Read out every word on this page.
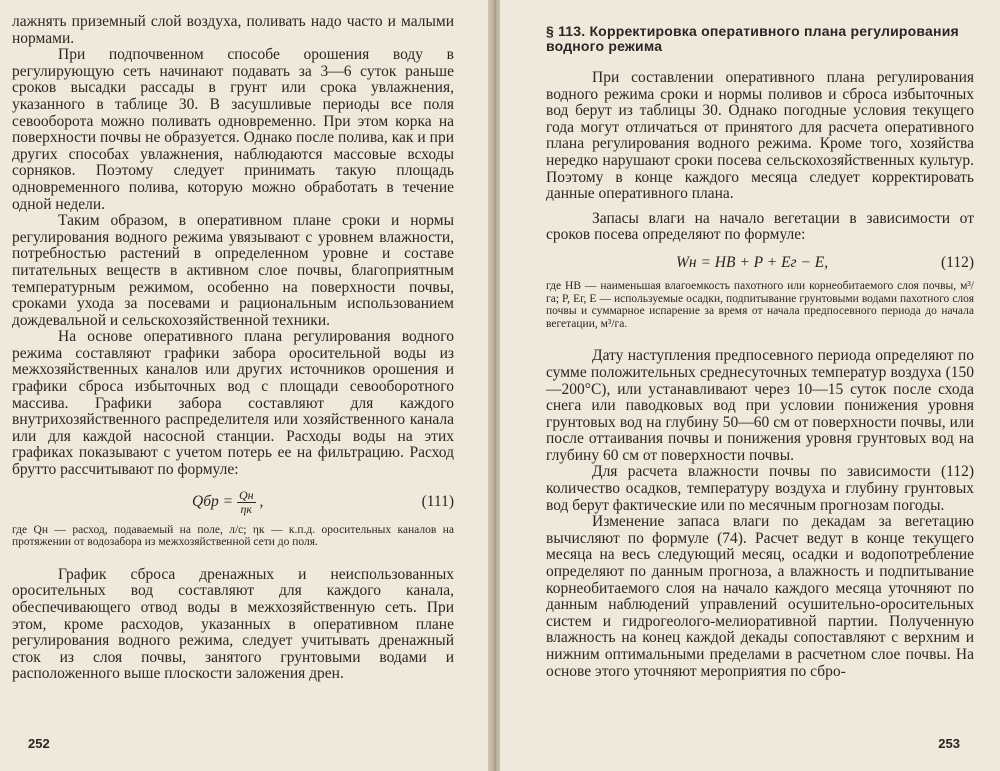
лажнять приземный слой воздуха, поливать надо часто и малыми нормами.

При подпочвенном способе орошения воду в регулирующую сеть начинают подавать за 3—6 суток раньше сроков высадки рассады в грунт или срока увлажнения, указанного в таблице 30. В засушливые периоды все поля севооборота можно поливать одновременно. При этом корка на поверхности почвы не образуется. Однако после полива, как и при других способах увлажнения, наблюдаются массовые всходы сорняков. Поэтому следует принимать такую площадь одновременного полива, которую можно обработать в течение одной недели.

Таким образом, в оперативном плане сроки и нормы регулирования водного режима увязывают с уровнем влажности, потребностью растений в определенном уровне и составе питательных веществ в активном слое почвы, благоприятным температурным режимом, особенно на поверхности почвы, сроками ухода за посевами и рациональным использованием дождевальной и сельскохозяйственной техники.

На основе оперативного плана регулирования водного режима составляют графики забора оросительной воды из межхозяйственных каналов или других источников орошения и графики сброса избыточных вод с площади севооборотного массива. Графики забора составляют для каждого внутрихозяйственного распределителя или хозяйственного канала или для каждой насосной станции. Расходы воды на этих графиках показывают с учетом потерь ее на фильтрацию. Расход брутто рассчитывают по формуле:

Qбр = $\frac{Qн}{\eta к}$ ,	(111)

где Qн — расход, подаваемый на поле, л/с; ηк — к.п.д. оросительных каналов на протяжении от водозабора из межхозяйственной сети до поля.

График сброса дренажных и неиспользованных оросительных вод составляют для каждого канала, обеспечивающего отвод воды в межхозяйственную сеть. При этом, кроме расходов, указанных в оперативном плане регулирования водного режима, следует учитывать дренажный сток из слоя почвы, занятого грунтовыми водами и расположенного выше плоскости заложения дрен.

252
§ 113. Корректировка оперативного плана регулирования водного режима

При составлении оперативного плана регулирования водного режима сроки и нормы поливов и сброса избыточных вод берут из таблицы 30. Однако погодные условия текущего года могут отличаться от принятого для расчета оперативного плана регулирования водного режима. Кроме того, хозяйства нередко нарушают сроки посева сельскохозяйственных культур. Поэтому в конце каждого месяца следует корректировать данные оперативного плана.

Запасы влаги на начало вегетации в зависимости от сроков посева определяют по формуле:

Wн = НВ + P + Eг − E,	(112)

где НВ — наименьшая влагоемкость пахотного или корнеобитаемого слоя почвы, м³/га; P, Eг, E — используемые осадки, подпитывание грунтовыми водами пахотного слоя почвы и суммарное испарение за время от начала предпосевного периода до начала вегетации, м³/га.

Дату наступления предпосевного периода определяют по сумме положительных среднесуточных температур воздуха (150—200°С), или устанавливают через 10—15 суток после схода снега или паводковых вод при условии понижения уровня грунтовых вод на глубину 50—60 см от поверхности почвы, или после оттаивания почвы и понижения уровня грунтовых вод на глубину 60 см от поверхности почвы.

Для расчета влажности почвы по зависимости (112) количество осадков, температуру воздуха и глубину грунтовых вод берут фактические или по месячным прогнозам погоды.

Изменение запаса влаги по декадам за вегетацию вычисляют по формуле (74). Расчет ведут в конце текущего месяца на весь следующий месяц, осадки и водопотребление определяют по данным прогноза, а влажность и подпитывание корнеобитаемого слоя на начало каждого месяца уточняют по данным наблюдений управлений осушительно-оросительных систем и гидрогеолого-мелиоративной партии. Полученную влажность на конец каждой декады сопоставляют с верхним и нижним оптимальными пределами в расчетном слое почвы. На основе этого уточняют мероприятия по сбро-

253
